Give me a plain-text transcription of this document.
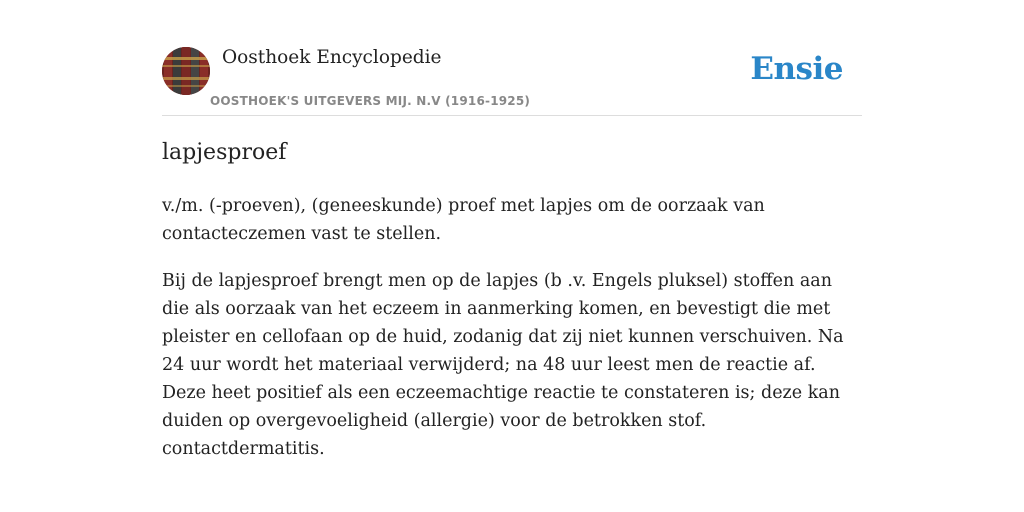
Oosthoek Encyclopedie
OOSTHOEK'S UITGEVERS MIJ. N.V (1916-1925)
Ensie
lapjesproef

v./m. (-proeven), (geneeskunde) proef met lapjes om de oorzaak van contacteczemen vast te stellen.

Bij de lapjesproef brengt men op de lapjes (b .v. Engels pluksel) stoffen aan die als oorzaak van het eczeem in aanmerking komen, en bevestigt die met pleister en cellofaan op de huid, zodanig dat zij niet kunnen verschuiven. Na 24 uur wordt het materiaal verwijderd; na 48 uur leest men de reactie af. Deze heet positief als een eczeemachtige reactie te constateren is; deze kan duiden op overgevoeligheid (allergie) voor de betrokken stof. contactdermatitis.
